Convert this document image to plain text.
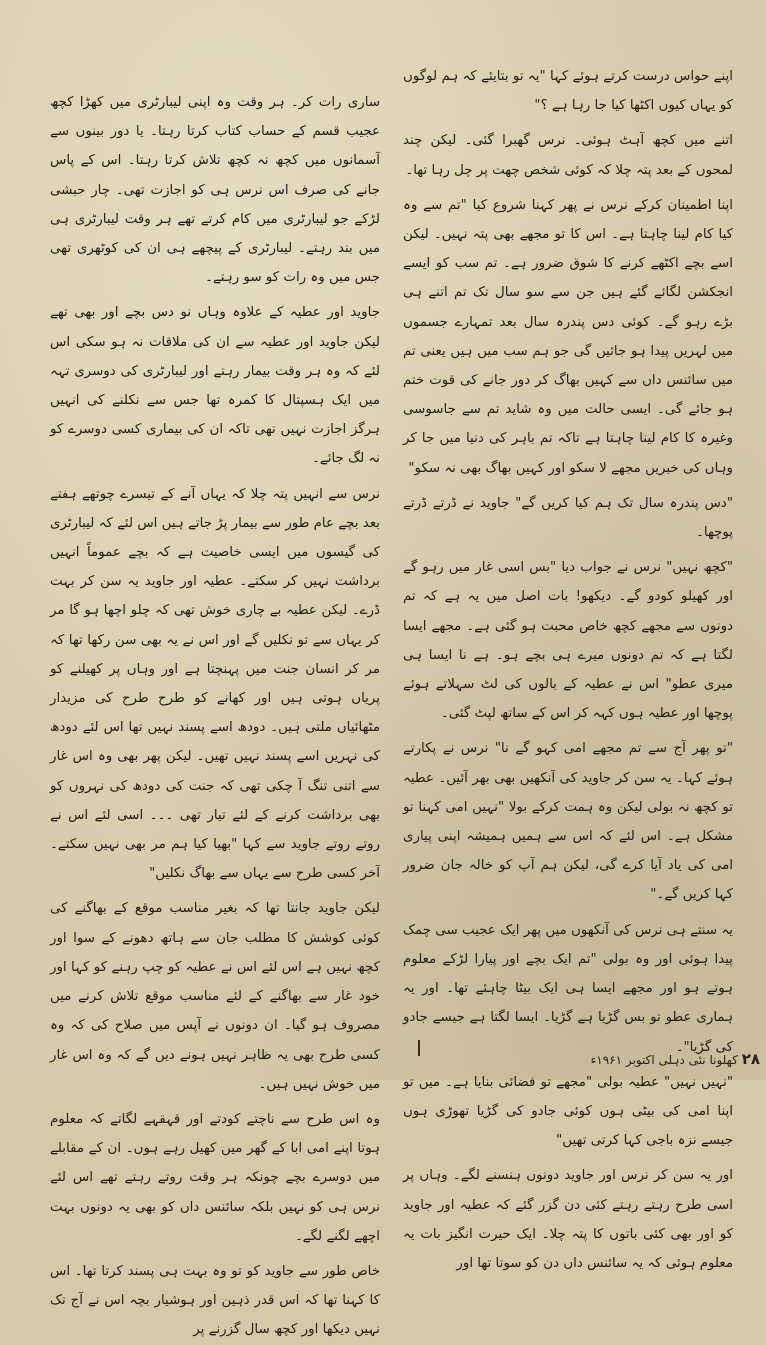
اپنے حواس درست کرتے ہوئے کہا "یہ تو بتایئے کہ ہم لوگوں کو یہاں کیوں اکٹھا کیا جا رہا ہے ؟"

اتنے میں کچھ آہٹ ہوئی۔ نرس گھبرا گئی۔ لیکن چند لمحوں کے بعد پتہ چلا کہ کوئی شخص چھت پر چل رہا تھا۔

اپنا اطمینان کرکے نرس نے پھر کہنا شروع کیا "تم سے وہ کیا کام لینا چاہتا ہے۔ اس کا تو مجھے بھی پتہ نہیں۔ لیکن اسے بچے اکٹھے کرنے کا شوق ضرور ہے۔ تم سب کو ایسے انجکشن لگائے گئے ہیں جن سے سو سال تک تم اتنے ہی بڑے رہو گے۔ کوئی دس پندرہ سال بعد تمہارے جسموں میں لہریں پیدا ہو جائیں گی جو ہم سب میں ہیں یعنی تم میں سائنس داں سے کہیں بھاگ کر دور جانے کی قوت ختم ہو جائے گی۔ ایسی حالت میں وہ شاید تم سے جاسوسی وغیرہ کا کام لینا چاہتا ہے تاکہ تم باہر کی دنیا میں جا کر وہاں کی خبریں مجھے لا سکو اور کہیں بھاگ بھی نہ سکو"

"دس پندرہ سال تک ہم کیا کریں گے" جاوید نے ڈرتے ڈرتے پوچھا۔

"کچھ نہیں" نرس نے جواب دیا "بس اسی غار میں رہو گے اور کھیلو کودو گے۔ دیکھو! بات اصل میں یہ ہے کہ تم دونوں سے مجھے کچھ خاص محبت ہو گئی ہے۔ مجھے ایسا لگتا ہے کہ تم دونوں میرے ہی بچے ہو۔ ہے نا ایسا ہی میری عطو" اس نے عطیہ کے بالوں کی لٹ سہلاتے ہوئے پوچھا اور عطیہ ہوں کہہ کر اس کے ساتھ لپٹ گئی۔

"تو پھر آج سے تم مجھے امی کہو گے نا" نرس نے پکارتے ہوئے کہا۔ یہ سن کر جاوید کی آنکھیں بھی بھر آئیں۔ عطیہ تو کچھ نہ بولی لیکن وہ ہمت کرکے بولا "نہیں امی کہنا تو مشکل ہے۔ اس لئے کہ اس سے ہمیں ہمیشہ اپنی پیاری امی کی یاد آیا کرے گی، لیکن ہم آپ کو خالہ جان ضرور کہا کریں گے۔"

یہ سنتے ہی نرس کی آنکھوں میں پھر ایک عجیب سی چمک پیدا ہوئی اور وہ بولی "تم ایک بچے اور پیارا لڑکے معلوم ہوتے ہو اور مجھے ایسا ہی ایک بیٹا چاہئے تھا۔ اور یہ ہماری عطو تو بس گڑیا ہے گڑیا۔ ایسا لگتا ہے جیسے جادو کی گڑیا"۔

"نہیں نہیں" عطیہ بولی "مجھے تو فضائی بنایا ہے۔ میں تو اپنا امی کی بیٹی ہوں کوئی جادو کی گڑیا تھوڑی ہوں جیسے نزہ باجی کہا کرتی تھیں"

اور یہ سن کر نرس اور جاوید دونوں ہنسنے لگے۔ وہاں پر اسی طرح رہتے رہتے کئی دن گزر گئے کہ عطیہ اور جاوید کو اور بھی کئی باتوں کا پتہ چلا۔ ایک حیرت انگیز بات یہ معلوم ہوئی کہ یہ سائنس داں دن کو سوتا تھا اور

ساری رات کر۔ ہر وقت وہ اپنی لیبارٹری میں کھڑا کچھ عجیب قسم کے حساب کتاب کرتا رہتا۔ یا دور بینوں سے آسمانوں میں کچھ نہ کچھ تلاش کرتا رہتا۔ اس کے پاس جانے کی صرف اس نرس ہی کو اجازت تھی۔ چار حبشی لڑکے جو لیبارٹری میں کام کرتے تھے ہر وقت لیبارٹری ہی میں بند رہتے۔ لیبارٹری کے پیچھے ہی ان کی کوٹھری تھی جس میں وہ رات کو سو رہتے۔

جاوید اور عطیہ کے علاوہ وہاں نو دس بچے اور بھی تھے لیکن جاوید اور عطیہ سے ان کی ملاقات نہ ہو سکی اس لئے کہ وہ ہر وقت بیمار رہتے اور لیبارٹری کی دوسری تہہ میں ایک ہسپتال کا کمرہ تھا جس سے نکلنے کی انہیں ہرگز اجازت نہیں تھی تاکہ ان کی بیماری کسی دوسرے کو نہ لگ جائے۔

نرس سے انہیں پتہ چلا کہ یہاں آنے کے تیسرے چوتھے ہفتے بعد بچے عام طور سے بیمار پڑ جاتے ہیں اس لئے کہ لیبارٹری کی گیسوں میں ایسی خاصیت ہے کہ بچے عموماً انہیں برداشت نہیں کر سکتے۔ عطیہ اور جاوید یہ سن کر بہت ڈرے۔ لیکن عطیہ بے چاری خوش تھی کہ چلو اچھا ہو گا مر کر یہاں سے تو نکلیں گے اور اس نے یہ بھی سن رکھا تھا کہ مر کر انسان جنت میں پہنچتا ہے اور وہاں پر کھیلنے کو پریاں ہوتی ہیں اور کھانے کو طرح طرح کی مزیدار مٹھائیاں ملتی ہیں۔ دودھ اسے پسند نہیں تھا اس لئے دودھ کی نہریں اسے پسند نہیں تھیں۔ لیکن پھر بھی وہ اس غار سے اتنی تنگ آ چکی تھی کہ جنت کی دودھ کی نہروں کو بھی برداشت کرنے کے لئے تیار تھی ۔۔۔ اسی لئے اس نے روتے روتے جاوید سے کہا "بھیا کیا ہم مر بھی نہیں سکتے۔ آخر کسی طرح سے یہاں سے بھاگ نکلیں"

لیکن جاوید جانتا تھا کہ بغیر مناسب موقع کے بھاگنے کی کوئی کوشش کا مطلب جان سے ہاتھ دھونے کے سوا اور کچھ نہیں ہے اس لئے اس نے عطیہ کو چپ رہنے کو کہا اور خود غار سے بھاگنے کے لئے مناسب موقع تلاش کرنے میں مصروف ہو گیا۔ ان دونوں نے آپس میں صلاح کی کہ وہ کسی طرح بھی یہ ظاہر نہیں ہونے دیں گے کہ وہ اس غار میں خوش نہیں ہیں۔

وہ اس طرح سے ناچتے کودتے اور قہقہے لگاتے کہ معلوم ہوتا اپنے امی ابا کے گھر میں کھیل رہے ہوں۔ ان کے مقابلے میں دوسرے بچے چونکہ ہر وقت روتے رہتے تھے اس لئے نرس ہی کو نہیں بلکہ سائنس داں کو بھی یہ دونوں بہت اچھے لگنے لگے۔

خاص طور سے جاوید کو تو وہ بہت ہی پسند کرتا تھا۔ اس کا کہنا تھا کہ اس قدر ذہین اور ہوشیار بچہ اس نے آج تک نہیں دیکھا اور کچھ سال گزرنے پر

۲۸ کھلونا نئی دہلی اکتوبر ۱۹۶۱ء
